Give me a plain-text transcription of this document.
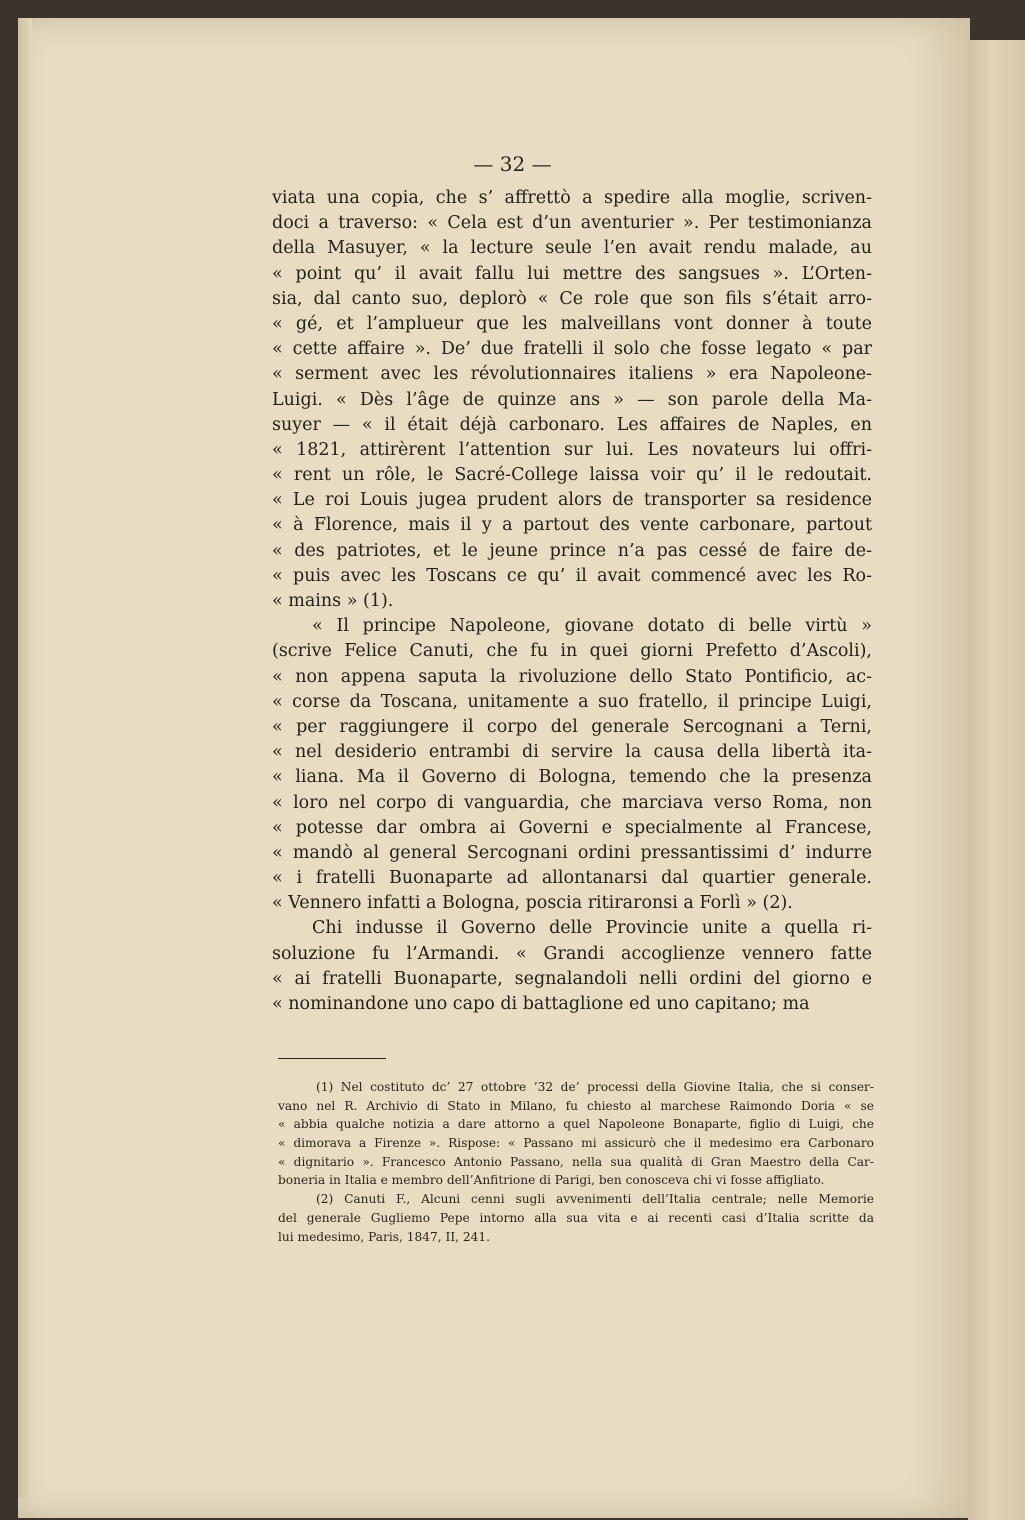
— 32 —
viata una copia, che s’ affrettò a spedire alla moglie, scriven-
doci a traverso: « Cela est d’un aventurier ». Per testimonianza
della Masuyer, « la lecture seule l’en avait rendu malade, au
« point qu’ il avait fallu lui mettre des sangsues ». L’Orten-
sia, dal canto suo, deplorò « Ce role que son fils s’était arro-
« gé, et l’amplueur que les malveillans vont donner à toute
« cette affaire ». De’ due fratelli il solo che fosse legato « par
« serment avec les révolutionnaires italiens » era Napoleone-
Luigi. « Dès l’âge de quinze ans » — son parole della Ma-
suyer — « il était déjà carbonaro. Les affaires de Naples, en
« 1821, attirèrent l’attention sur lui. Les novateurs lui offri-
« rent un rôle, le Sacré-College laissa voir qu’ il le redoutait.
« Le roi Louis jugea prudent alors de transporter sa residence
« à Florence, mais il y a partout des vente carbonare, partout
« des patriotes, et le jeune prince n’a pas cessé de faire de-
« puis avec les Toscans ce qu’ il avait commencé avec les Ro-
« mains » (1).
« Il principe Napoleone, giovane dotato di belle virtù »
(scrive Felice Canuti, che fu in quei giorni Prefetto d’Ascoli),
« non appena saputa la rivoluzione dello Stato Pontificio, ac-
« corse da Toscana, unitamente a suo fratello, il principe Luigi,
« per raggiungere il corpo del generale Sercognani a Terni,
« nel desiderio entrambi di servire la causa della libertà ita-
« liana. Ma il Governo di Bologna, temendo che la presenza
« loro nel corpo di vanguardia, che marciava verso Roma, non
« potesse dar ombra ai Governi e specialmente al Francese,
« mandò al general Sercognani ordini pressantissimi d’ indurre
« i fratelli Buonaparte ad allontanarsi dal quartier generale.
« Vennero infatti a Bologna, poscia ritiraronsi a Forlì » (2).
Chi indusse il Governo delle Provincie unite a quella ri-
soluzione fu l’Armandi. « Grandi accoglienze vennero fatte
« ai fratelli Buonaparte, segnalandoli nelli ordini del giorno e
« nominandone uno capo di battaglione ed uno capitano; ma
(1) Nel costituto dc’ 27 ottobre ’32 de’ processi della Giovine Italia, che si conser-
vano nel R. Archivio di Stato in Milano, fu chiesto al marchese Raimondo Doria « se
« abbia qualche notizia a dare attorno a quel Napoleone Bonaparte, figlio di Luigi, che
« dimorava a Firenze ». Rispose: « Passano mi assicurò che il medesimo era Carbonaro
« dignitario ». Francesco Antonio Passano, nella sua qualità di Gran Maestro della Car-
boneria in Italia e membro dell’Anfitrione di Parigi, ben conosceva chi vi fosse affigliato.
(2) Canuti F., Alcuni cenni sugli avvenimenti dell’Italia centrale; nelle Memorie
del generale Gugliemo Pepe intorno alla sua vita e ai recenti casi d’Italia scritte da
lui medesimo, Paris, 1847, II, 241.
